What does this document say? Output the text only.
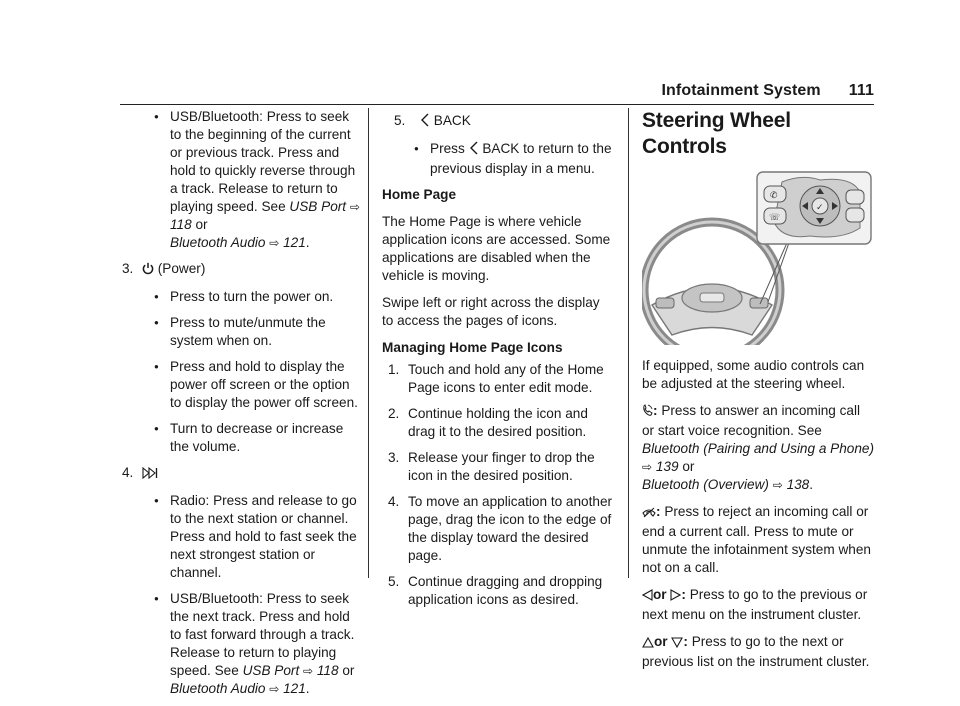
Infotainment System 111
● USB/Bluetooth: Press to seek to the beginning of the current or previous track. Press and hold to quickly reverse through a track. Release to return to playing speed. See USB Port ⇨ 118 or
Bluetooth Audio ⇨ 121.
3. (Power)
● Press to turn the power on.
● Press to mute/unmute the system when on.
● Press and hold to display the power off screen or the option to display the power off screen.
● Turn to decrease or increase the volume.
4.
● Radio: Press and release to go to the next station or channel. Press and hold to fast seek the next strongest station or channel.
● USB/Bluetooth: Press to seek the next track. Press and hold to fast forward through a track. Release to return to playing speed. See USB Port ⇨ 118 or
Bluetooth Audio ⇨ 121.
5. BACK
● Press BACK to return to the previous display in a menu.
Home Page
The Home Page is where vehicle application icons are accessed. Some applications are disabled when the vehicle is moving.
Swipe left or right across the display to access the pages of icons.
Managing Home Page Icons
1. Touch and hold any of the Home Page icons to enter edit mode.
2. Continue holding the icon and drag it to the desired position.
3. Release your finger to drop the icon in the desired position.
4. To move an application to another page, drag the icon to the edge of the display toward the desired page.
5. Continue dragging and dropping application icons as desired.
Steering Wheel Controls
✆
☏
✓
If equipped, some audio controls can be adjusted at the steering wheel.
: Press to answer an incoming call or start voice recognition. See Bluetooth (Pairing and Using a Phone) ⇨ 139 or
Bluetooth (Overview) ⇨ 138.
: Press to reject an incoming call or end a current call. Press to mute or unmute the infotainment system when not on a call.
or : Press to go to the previous or next menu on the instrument cluster.
or : Press to go to the next or previous list on the instrument cluster.
